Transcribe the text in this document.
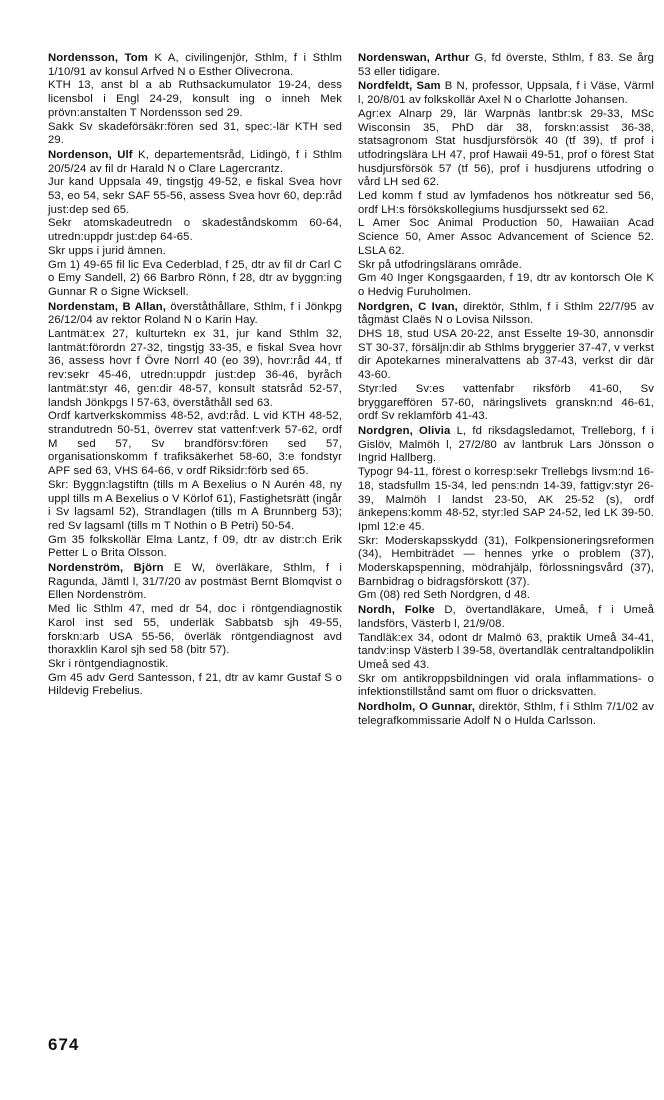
Nordensson, Tom K A, civilingenjör, Sthlm, f i Sthlm 1/10/91 av konsul Arfved N o Esther Olivecrona.

KTH 13, anst bl a ab Ruthsackumulator 19-24, dess licensbol i Engl 24-29, konsult ing o inneh Mek prövn:anstalten T Nordensson sed 29.

Sakk Sv skadeförsäkr:fören sed 31, spec:-lär KTH sed 29.

Nordenson, Ulf K, departementsråd, Lidingö, f i Sthlm 20/5/24 av fil dr Harald N o Clare Lagercrantz.

Jur kand Uppsala 49, tingstjg 49-52, e fiskal Svea hovr 53, eo 54, sekr SAF 55-56, assess Svea hovr 60, dep:råd just:dep sed 65.

Sekr atomskadeutredn o skadeståndskomm 60-64, utredn:uppdr just:dep 64-65.

Skr upps i jurid ämnen.

Gm 1) 49-65 fil lic Eva Cederblad, f 25, dtr av fil dr Carl C o Emy Sandell, 2) 66 Barbro Rönn, f 28, dtr av byggn:ing Gunnar R o Signe Wicksell.

Nordenstam, B Allan, överståthållare, Sthlm, f i Jönkpg 26/12/04 av rektor Roland N o Karin Hay.

Lantmät:ex 27, kulturtekn ex 31, jur kand Sthlm 32, lantmät:förordn 27-32, tingstjg 33-35, e fiskal Svea hovr 36, assess hovr f Övre Norrl 40 (eo 39), hovr:råd 44, tf rev:sekr 45-46, utredn:uppdr just:dep 36-46, byråch lantmät:styr 46, gen:dir 48-57, konsult statsråd 52-57, landsh Jönkpgs l 57-63, överståthåll sed 63.

Ordf kartverkskommiss 48-52, avd:råd. L vid KTH 48-52, strandutredn 50-51, överrev stat vattenf:verk 57-62, ordf M sed 57, Sv brandförsv:fören sed 57, organisationskomm f trafiksäkerhet 58-60, 3:e fondstyr APF sed 63, VHS 64-66, v ordf Riksidr:förb sed 65.

Skr: Byggn:lagstiftn (tills m A Bexelius o N Aurén 48, ny uppl tills m A Bexelius o V Körlof 61), Fastighetsrätt (ingår i Sv lagsaml 52), Strandlagen (tills m A Brunnberg 53); red Sv lagsaml (tills m T Nothin o B Petri) 50-54.

Gm 35 folkskollär Elma Lantz, f 09, dtr av distr:ch Erik Petter L o Brita Olsson.

Nordenström, Björn E W, överläkare, Sthlm, f i Ragunda, Jämtl l, 31/7/20 av postmäst Bernt Blomqvist o Ellen Nordenström.

Med lic Sthlm 47, med dr 54, doc i röntgendiagnostik Karol inst sed 55, underläk Sabbatsb sjh 49-55, forskn:arb USA 55-56, överläk röntgendiagnost avd thoraxklin Karol sjh sed 58 (bitr 57).

Skr i röntgendiagnostik.

Gm 45 adv Gerd Santesson, f 21, dtr av kamr Gustaf S o Hildevig Frebelius.

Nordenswan, Arthur G, fd överste, Sthlm, f 83. Se årg 53 eller tidigare.

Nordfeldt, Sam B N, professor, Uppsala, f i Väse, Värml l, 20/8/01 av folkskollär Axel N o Charlotte Johansen.

Agr:ex Alnarp 29, lär Warpnäs lantbr:sk 29-33, MSc Wisconsin 35, PhD där 38, forskn:assist 36-38, statsagronom Stat husdjursförsök 40 (tf 39), tf prof i utfodringslära LH 47, prof Hawaii 49-51, prof o förest Stat husdjursförsök 57 (tf 56), prof i husdjurens utfodring o vård LH sed 62.

Led komm f stud av lymfadenos hos nötkreatur sed 56, ordf LH:s försökskollegiums husdjurssekt sed 62.

L Amer Soc Animal Production 50, Hawaiian Acad Science 50, Amer Assoc Advancement of Science 52. LSLA 62.

Skr på utfodringslärans område.

Gm 40 Inger Kongsgaarden, f 19, dtr av kontorsch Ole K o Hedvig Furuholmen.

Nordgren, C Ivan, direktör, Sthlm, f i Sthlm 22/7/95 av tågmäst Claës N o Lovisa Nilsson.

DHS 18, stud USA 20-22, anst Esselte 19-30, annonsdir ST 30-37, försäljn:dir ab Sthlms bryggerier 37-47, v verkst dir Apotekarnes mineralvattens ab 37-43, verkst dir där 43-60.

Styr:led Sv:es vattenfabr riksförb 41-60, Sv bryggareffören 57-60, näringslivets granskn:nd 46-61, ordf Sv reklamförb 41-43.

Nordgren, Olivia L, fd riksdagsledamot, Trelleborg, f i Gislöv, Malmöh l, 27/2/80 av lantbruk Lars Jönsson o Ingrid Hallberg.

Typogr 94-11, förest o korresp:sekr Trellebgs livsm:nd 16-18, stadsfullm 15-34, led pens:ndn 14-39, fattigv:styr 26-39, Malmöh l landst 23-50, AK 25-52 (s), ordf änkepens:komm 48-52, styr:led SAP 24-52, led LK 39-50. Ipml 12:e 45.

Skr: Moderskapsskydd (31), Folkpensioneringsreformen (34), Hembiträdet — hennes yrke o problem (37), Moderskapspenning, mödrahjälp, förlossningsvård (37), Barnbidrag o bidragsförskott (37).

Gm (08) red Seth Nordgren, d 48.

Nordh, Folke D, övertandläkare, Umeå, f i Umeå landsförs, Västerb l, 21/9/08.

Tandläk:ex 34, odont dr Malmö 63, praktik Umeå 34-41, tandv:insp Västerb l 39-58, övertandläk centraltandpoliklin Umeå sed 43.

Skr om antikroppsbildningen vid orala inflammations- o infektionstillstånd samt om fluor o dricksvatten.

Nordholm, O Gunnar, direktör, Sthlm, f i Sthlm 7/1/02 av telegrafkommissarie Adolf N o Hulda Carlsson.

674
